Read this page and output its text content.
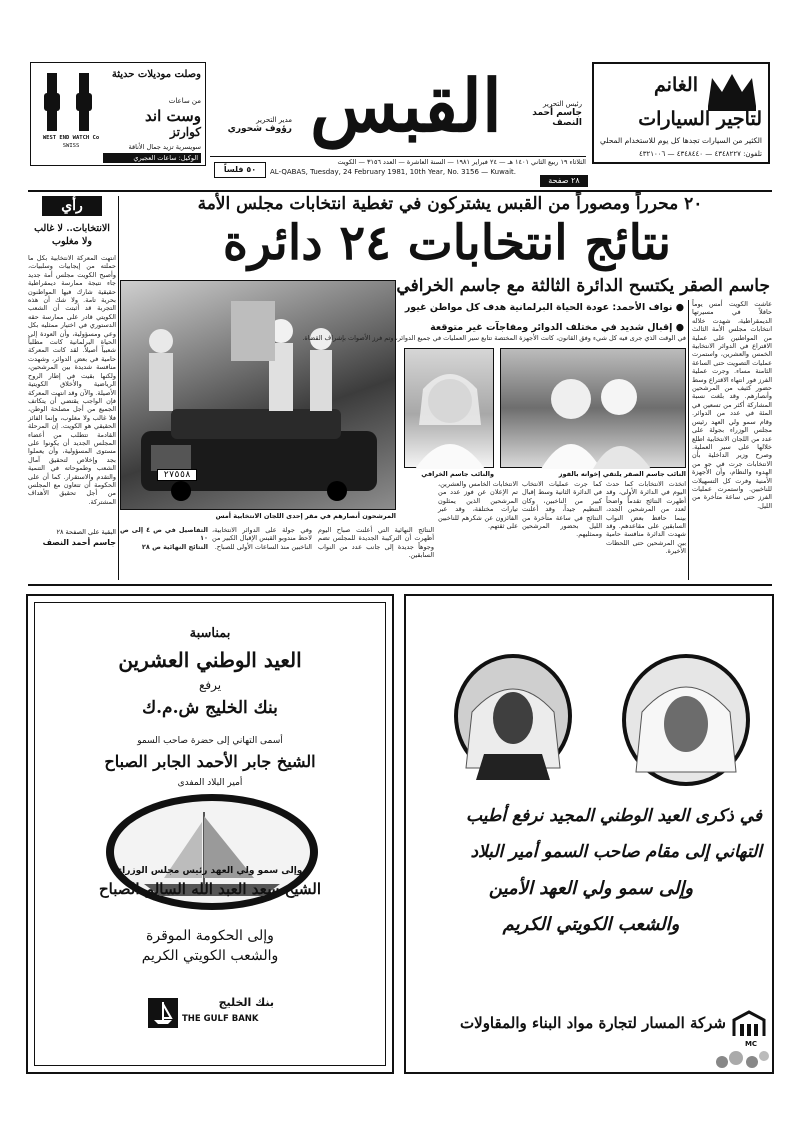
الغانم
لتاجير السيارات
الكثير من السيارات تجدها كل يوم للاستخدام المحلي
تلفون: ٤٣٤٨٢٢٧ — ٤٣٤٨٤٤٠ — ٤٣٢١٠٠٦
القبس	رئيس التحرير
جاسم أحمد النصف
مدير التحرير
رؤوف شحوري
WEST END WATCH Co
SWISS
وصلت موديلات حديثة
من ساعات
وست اند
كوارتز
سويسرية تزيد جمال الأناقة
الوكيل: ساعات العجيري	الثلاثاء ١٩ ربيع الثاني ١٤٠١ هـ — ٢٤ فبراير ١٩٨١ — السنة العاشرة — العدد ٣١٥٦ — الكويت
AL-QABAS, Tuesday, 24 February 1981, 10th Year, No. 3156 — Kuwait.
٢٨ صفحة
٥٠ فلساً
٢٠ محرراً ومصوراً من القبس يشتركون في تغطية انتخابات مجلس الأمة
نتائج انتخابات ٢٤ دائرة
جاسم الصقر يكتسح الدائرة الثالثة مع جاسم الخرافي
رأي
الانتخابات.. لا غالب ولا مغلوب
انتهت المعركة الانتخابية بكل ما حملته من إيجابيات وسلبيات، وأصبح الكويت مجلس أمة جديد جاء نتيجة ممارسة ديمقراطية حقيقية شارك فيها المواطنون بحرية تامة. ولا شك أن هذه التجربة قد أثبتت أن الشعب الكويتي قادر على ممارسة حقه الدستوري في اختيار ممثليه بكل وعي ومسؤولية، وأن العودة إلى الحياة البرلمانية كانت مطلباً شعبياً أصيلاً. لقد كانت المعركة حامية في بعض الدوائر، وشهدت منافسة شديدة بين المرشحين، ولكنها بقيت في إطار الروح الرياضية والأخلاق الكويتية الأصيلة. والآن وقد انتهت المعركة فإن الواجب يقتضي أن يتكاتف الجميع من أجل مصلحة الوطن، فلا غالب ولا مغلوب، وإنما الفائز الحقيقي هو الكويت. إن المرحلة القادمة تتطلب من أعضاء المجلس الجديد أن يكونوا على مستوى المسؤولية، وأن يعملوا بجد وإخلاص لتحقيق آمال الشعب وطموحاته في التنمية والتقدم والاستقرار. كما أن على الحكومة أن تتعاون مع المجلس من أجل تحقيق الأهداف المشتركة.
البقية على الصفحة ٢٨
جاسم أحمد النصف
عاشت الكويت أمس يوماً حافلاً في مسيرتها الديمقراطية، شهدت خلاله انتخابات مجلس الأمة الثالث من المواطنين على عملية الاقتراع في الدوائر الانتخابية الخمس والعشرين، واستمرت عمليات التصويت حتى الساعة الثامنة مساء. وجرت عملية الفرز فور انتهاء الاقتراع وسط حضور كثيف من المرشحين وأنصارهم. وقد بلغت نسبة المشاركة أكثر من تسعين في المئة في عدد من الدوائر. وقام سمو ولي العهد رئيس مجلس الوزراء بجولة على عدد من اللجان الانتخابية اطلع خلالها على سير العملية. وصرح وزير الداخلية بأن الانتخابات جرت في جو من الهدوء والنظام، وأن الأجهزة الأمنية وفرت كل التسهيلات للناخبين. واستمرت عمليات الفرز حتى ساعة متأخرة من الليل.
● نواف الأحمد: عودة الحياة البرلمانية هدف كل مواطن غيور
● إقبال شديد في مختلف الدوائر ومفاجآت غير متوقعة
٢٧٥٥٨
المرشحون أنصارهم في مقر إحدى اللجان الانتخابية أمس
والنائب جاسم الخرافي	النائب جاسم الصقر يلتقي إخوانه بالفوز
اتخذت الانتخابات كما حدث اليوم في الدائرة الأولى، وقد أظهرت النتائج تقدماً واضحاً لعدد من المرشحين الجدد، بينما حافظ بعض النواب السابقين على مقاعدهم. وقد شهدت الدائرة منافسة حامية بين المرشحين حتى اللحظات الأخيرة.
كما جرت عمليات الانتخاب في الدائرة الثانية وسط إقبال كبير من الناخبين، وكان التنظيم جيداً، وقد أعلنت النتائج في ساعة متأخرة من الليل بحضور المرشحين وممثليهم.
الانتخابات الخامس والعشرين، تم الإعلان عن فوز عدد من المرشحين الذين يمثلون تيارات مختلفة، وقد عبر الفائزون عن شكرهم للناخبين على ثقتهم.
في الوقت الذي جرى فيه كل شيء وفق القانون، كانت الأجهزة المختصة تتابع سير العمليات في جميع الدوائر، وتم فرز الأصوات بإشراف القضاة.
النتائج النهائية التي أعلنت صباح اليوم أظهرت أن التركيبة الجديدة للمجلس تضم وجوهاً جديدة إلى جانب عدد من النواب السابقين.
وفي جولة على الدوائر الانتخابية، لاحظ مندوبو القبس الإقبال الكبير من الناخبين منذ الساعات الأولى للصباح.
التفاصيل في ص ٤ إلى ص ١٠
النتائج النهائية ص ٢٨
بمناسبة
العيد الوطني العشرين
يرفع
بنك الخليج ش.م.ك
أسمى التهاني إلى حضرة صاحب السمو
الشيخ جابر الأحمد الجابر الصباح
أمير البلاد المفدى
وإلى سمو ولي العهد رئيس مجلس الوزراء
الشيخ سعد العبد الله السالم الصباح
وإلى الحكومة الموقرة
والشعب الكويتي الكريم
بنك الخليج
THE GULF BANK
في ذكرى العيد الوطني المجيد نرفع أطيب
التهاني إلى مقام صاحب السمو أمير البلاد
وإلى سمو ولي العهد الأمين
والشعب الكويتي الكريم
شركة المسار لتجارة مواد البناء والمقاولات
MC
